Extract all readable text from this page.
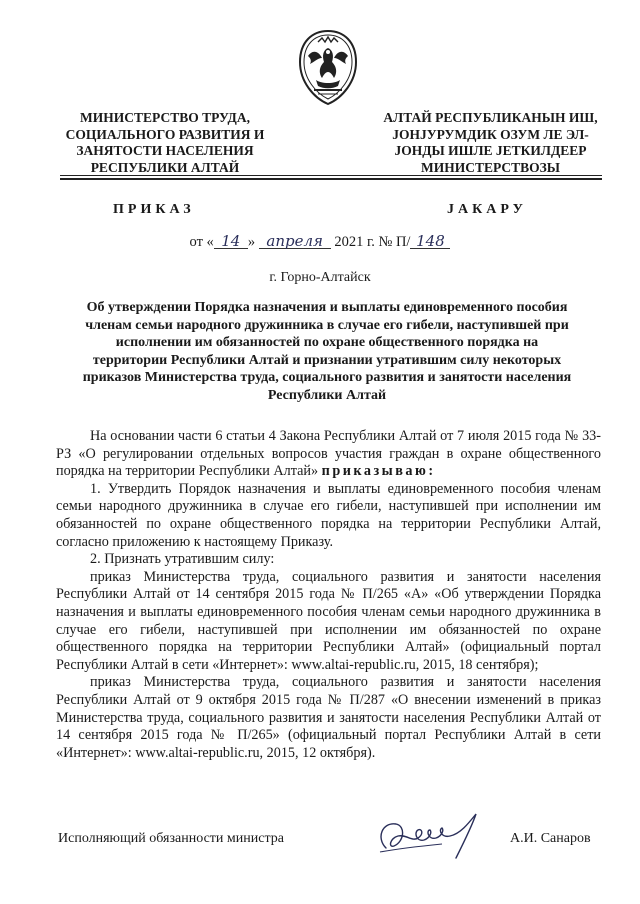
МИНИСТЕРСТВО ТРУДА,
СОЦИАЛЬНОГО РАЗВИТИЯ И
ЗАНЯТОСТИ НАСЕЛЕНИЯ
РЕСПУБЛИКИ АЛТАЙ
АЛТАЙ РЕСПУБЛИКАНЫН ИШ,
ЈОНЈУРУМДИК ОЗУМ ЛЕ ЭЛ-
ЈОНДЫ ИШЛЕ ЈЕТКИЛДЕЕР
МИНИСТЕРСТВОЗЫ
ПРИКАЗ	ЈАКАРУ
от « 14 » апреля 2021 г. № П/ 148
г. Горно-Алтайск
Об утверждении Порядка назначения и выплаты единовременного пособия
членам семьи народного дружинника в случае его гибели, наступившей при
исполнении им обязанностей по охране общественного порядка на
территории Республики Алтай и признании утратившим силу некоторых
приказов Министерства труда, социального развития и занятости населения
Республики Алтай

На основании части 6 статьи 4 Закона Республики Алтай от 7 июля 2015 года № 33-РЗ «О регулировании отдельных вопросов участия граждан в охране общественного порядка на территории Республики Алтай» приказываю:

1. Утвердить Порядок назначения и выплаты единовременного пособия членам семьи народного дружинника в случае его гибели, наступившей при исполнении им обязанностей по охране общественного порядка на территории Республики Алтай, согласно приложению к настоящему Приказу.

2. Признать утратившим силу:

приказ Министерства труда, социального развития и занятости населения Республики Алтай от 14 сентября 2015 года № П/265 «А» «Об утверждении Порядка назначения и выплаты единовременного пособия членам семьи народного дружинника в случае его гибели, наступившей при исполнении им обязанностей по охране общественного порядка на территории Республики Алтай» (официальный портал Республики Алтай в сети «Интернет»: www.altai-republic.ru, 2015, 18 сентября);

приказ Министерства труда, социального развития и занятости населения Республики Алтай от 9 октября 2015 года № П/287 «О внесении изменений в приказ Министерства труда, социального развития и занятости населения Республики Алтай от 14 сентября 2015 года № П/265» (официальный портал Республики Алтай в сети «Интернет»: www.altai-republic.ru, 2015, 12 октября).

Исполняющий обязанности министра	А.И. Санаров
